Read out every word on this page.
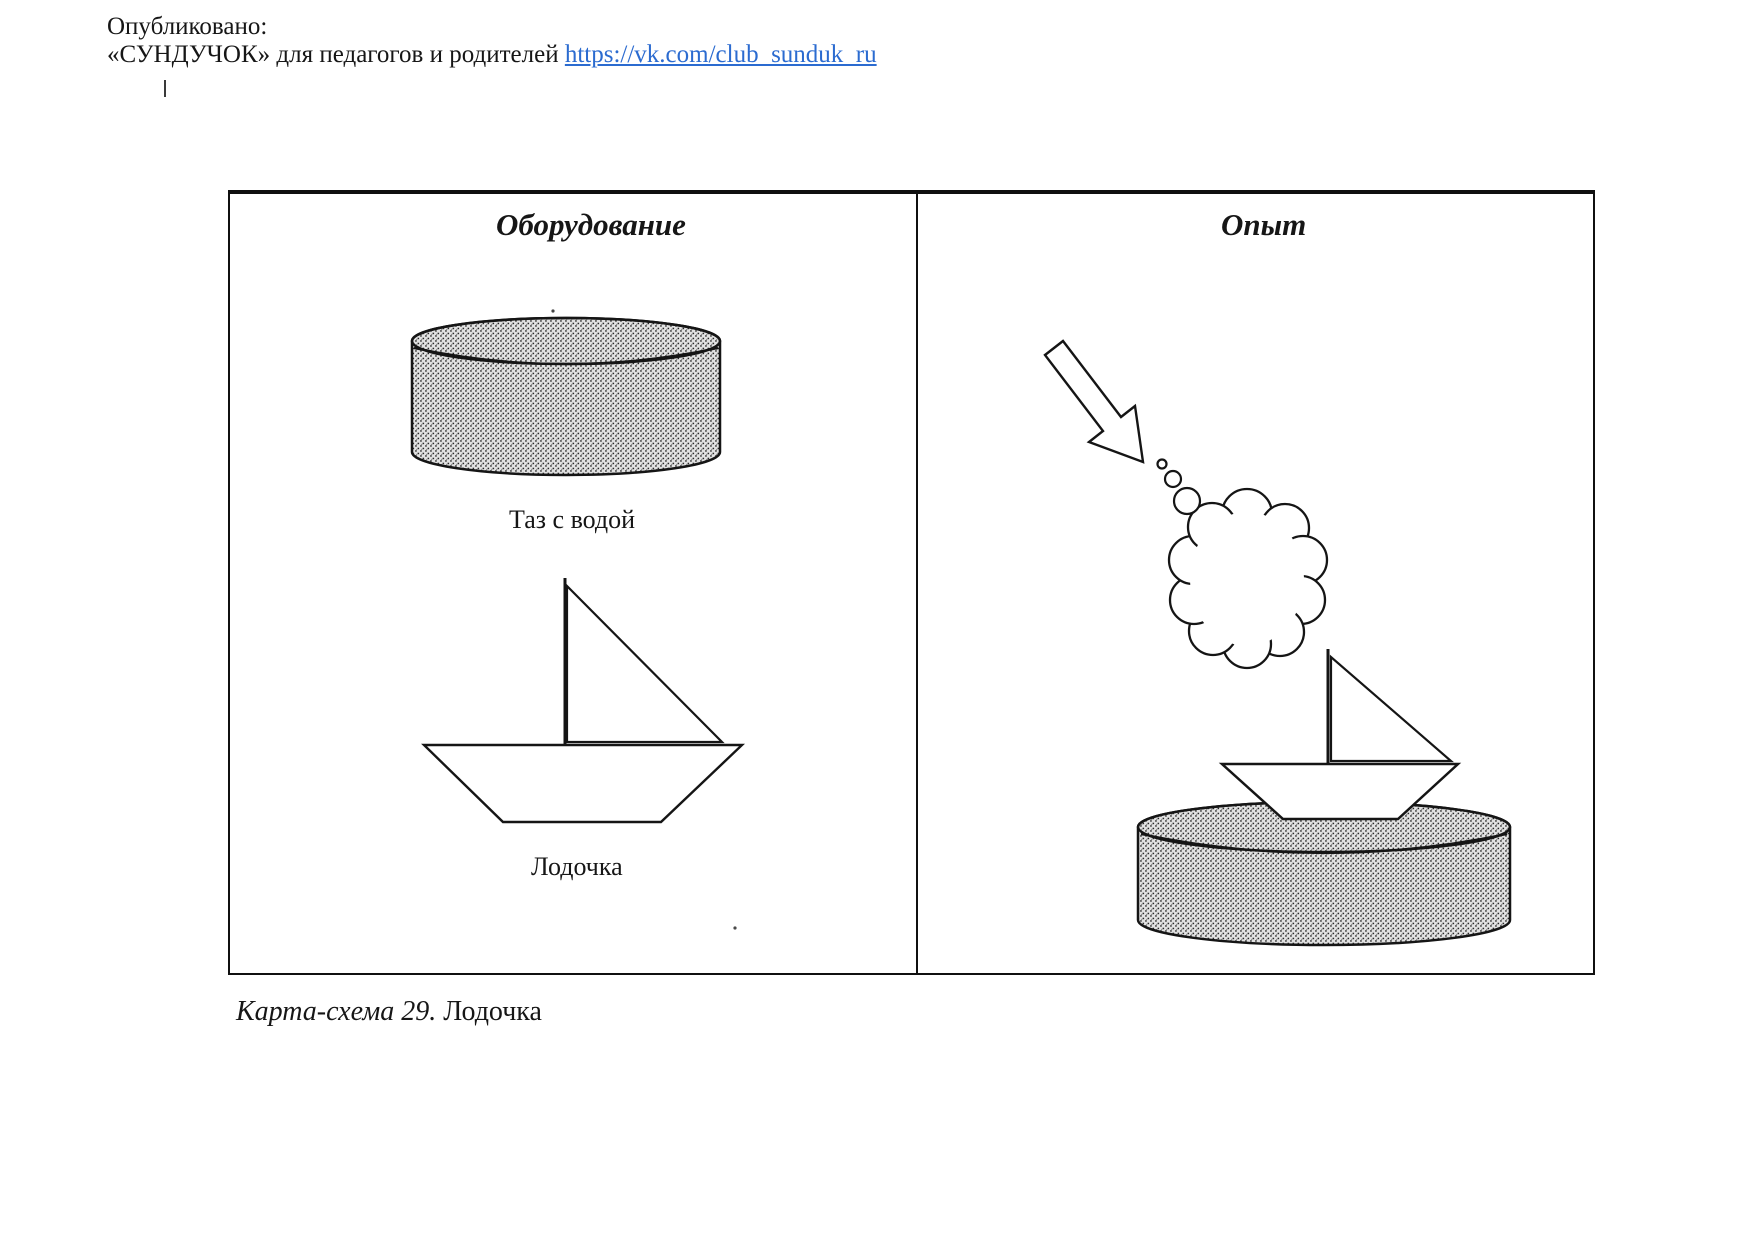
Опубликовано:
«СУНДУЧОК» для педагогов и родителей https://vk.com/club_sunduk_ru
Оборудование	Опыт
Таз с водой
Лодочка
Карта-схема 29. Лодочка
